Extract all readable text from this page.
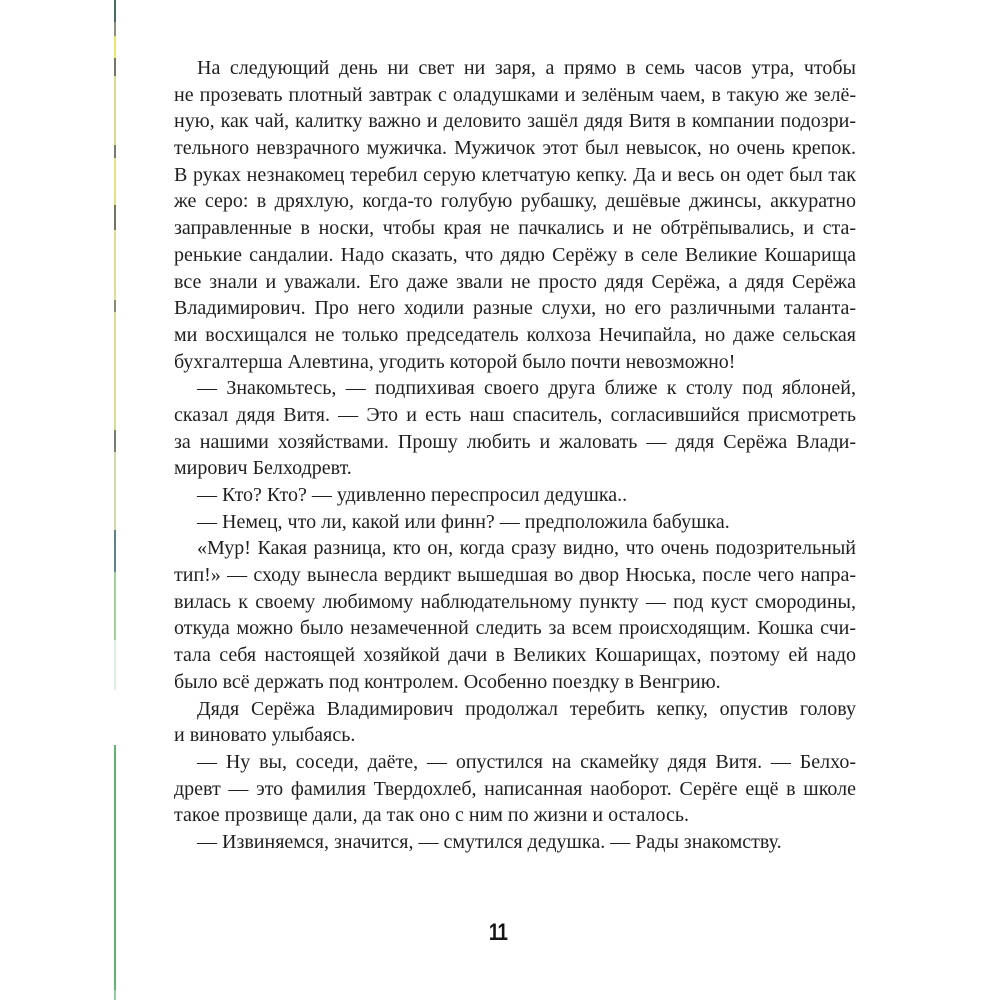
На следующий день ни свет ни заря, а прямо в семь часов утра, чтобы
не прозевать плотный завтрак с оладушками и зелёным чаем, в такую же зелё-
ную, как чай, калитку важно и деловито зашёл дядя Витя в компании подозри-
тельного невзрачного мужичка. Мужичок этот был невысок, но очень крепок.
В руках незнакомец теребил серую клетчатую кепку. Да и весь он одет был так
же серо: в дряхлую, когда-то голубую рубашку, дешёвые джинсы, аккуратно
заправленные в носки, чтобы края не пачкались и не обтрёпывались, и ста-
ренькие сандалии. Надо сказать, что дядю Серёжу в селе Великие Кошарища
все знали и уважали. Его даже звали не просто дядя Серёжа, а дядя Серёжа
Владимирович. Про него ходили разные слухи, но его различными таланта-
ми восхищался не только председатель колхоза Нечипайла, но даже сельская
бухгалтерша Алевтина, угодить которой было почти невозможно!
— Знакомьтесь, — подпихивая своего друга ближе к столу под яблоней,
сказал дядя Витя. — Это и есть наш спаситель, согласившийся присмотреть
за нашими хозяйствами. Прошу любить и жаловать — дядя Серёжа Влади-
мирович Белходревт.
— Кто? Кто? — удивленно переспросил дедушка..
— Немец, что ли, какой или финн? — предположила бабушка.
«Мур! Какая разница, кто он, когда сразу видно, что очень подозрительный
тип!» — сходу вынесла вердикт вышедшая во двор Нюська, после чего напра-
вилась к своему любимому наблюдательному пункту — под куст смородины,
откуда можно было незамеченной следить за всем происходящим. Кошка счи-
тала себя настоящей хозяйкой дачи в Великих Кошарищах, поэтому ей надо
было всё держать под контролем. Особенно поездку в Венгрию.
Дядя Серёжа Владимирович продолжал теребить кепку, опустив голову
и виновато улыбаясь.
— Ну вы, соседи, даёте, — опустился на скамейку дядя Витя. — Белхо-
древт — это фамилия Твердохлеб, написанная наоборот. Серёге ещё в школе
такое прозвище дали, да так оно с ним по жизни и осталось.
— Извиняемся, значится, — смутился дедушка. — Рады знакомству.
11
